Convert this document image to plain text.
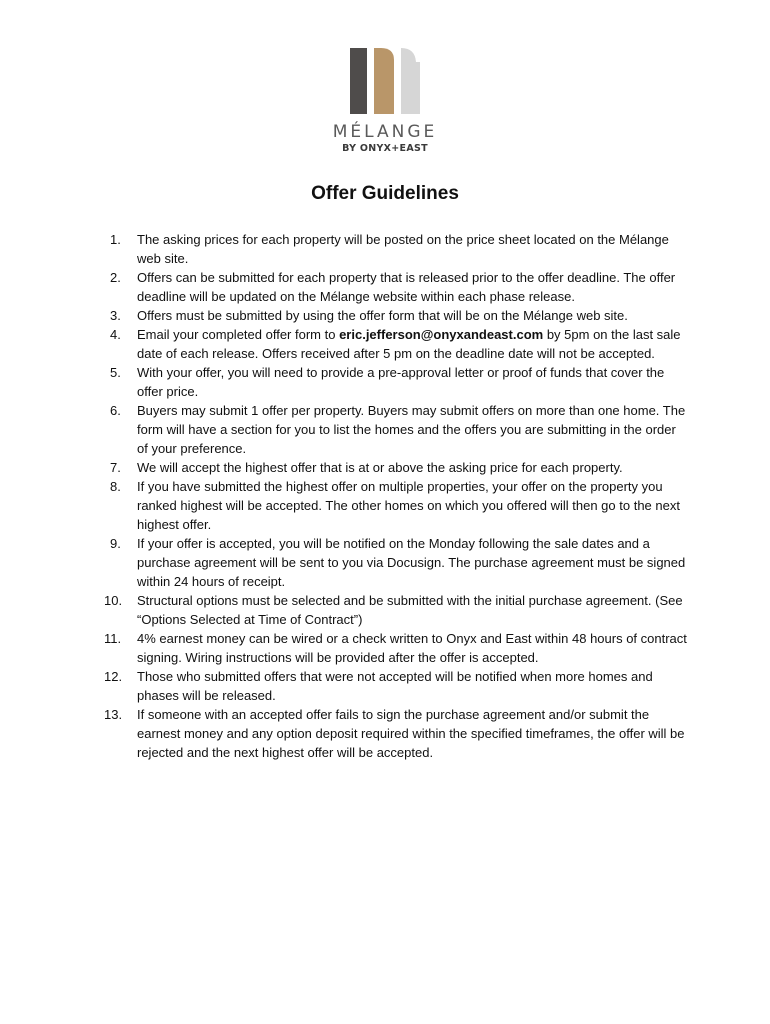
MÉLANGE
BY ONYX+EAST
Offer Guidelines
1. The asking prices for each property will be posted on the price sheet located on the Mélange web site.
2. Offers can be submitted for each property that is released prior to the offer deadline. The offer deadline will be updated on the Mélange website within each phase release.
3. Offers must be submitted by using the offer form that will be on the Mélange web site.
4. Email your completed offer form to eric.jefferson@onyxandeast.com by 5pm on the last sale date of each release. Offers received after 5 pm on the deadline date will not be accepted.
5. With your offer, you will need to provide a pre-approval letter or proof of funds that cover the offer price.
6. Buyers may submit 1 offer per property. Buyers may submit offers on more than one home. The form will have a section for you to list the homes and the offers you are submitting in the order of your preference.
7. We will accept the highest offer that is at or above the asking price for each property.
8. If you have submitted the highest offer on multiple properties, your offer on the property you ranked highest will be accepted. The other homes on which you offered will then go to the next highest offer.
9. If your offer is accepted, you will be notified on the Monday following the sale dates and a purchase agreement will be sent to you via Docusign. The purchase agreement must be signed within 24 hours of receipt.
10. Structural options must be selected and be submitted with the initial purchase agreement. (See “Options Selected at Time of Contract”)
11. 4% earnest money can be wired or a check written to Onyx and East within 48 hours of contract signing. Wiring instructions will be provided after the offer is accepted.
12. Those who submitted offers that were not accepted will be notified when more homes and phases will be released.
13. If someone with an accepted offer fails to sign the purchase agreement and/or submit the earnest money and any option deposit required within the specified timeframes, the offer will be rejected and the next highest offer will be accepted.
